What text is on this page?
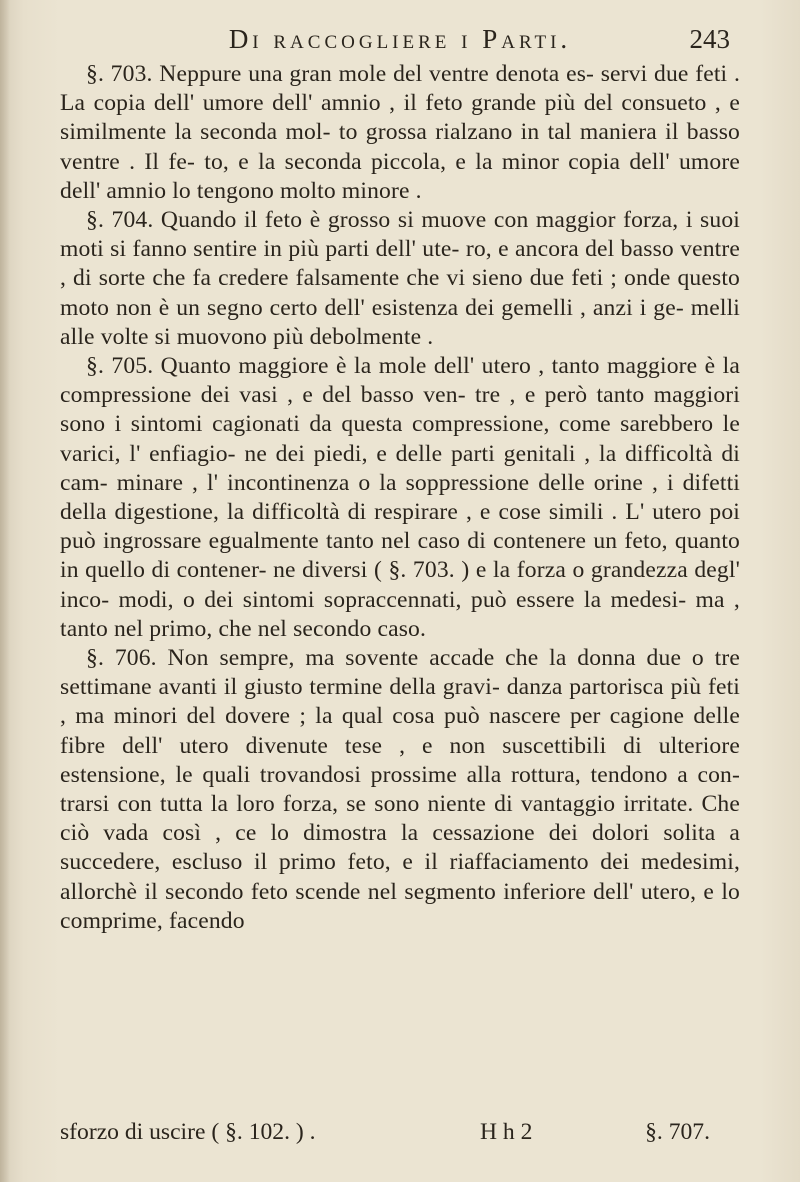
Di raccogliere i Parti.	243

§. 703. Neppure una gran mole del ventre denota es- servi due feti . La copia dell' umore dell' amnio , il feto grande più del consueto , e similmente la seconda mol- to grossa rialzano in tal maniera il basso ventre . Il fe- to, e la seconda piccola, e la minor copia dell' umore dell' amnio lo tengono molto minore .

§. 704. Quando il feto è grosso si muove con maggior forza, i suoi moti si fanno sentire in più parti dell' ute- ro, e ancora del basso ventre , di sorte che fa credere falsamente che vi sieno due feti ; onde questo moto non è un segno certo dell' esistenza dei gemelli , anzi i ge- melli alle volte si muovono più debolmente .

§. 705. Quanto maggiore è la mole dell' utero , tanto maggiore è la compressione dei vasi , e del basso ven- tre , e però tanto maggiori sono i sintomi cagionati da questa compressione, come sarebbero le varici, l' enfiagio- ne dei piedi, e delle parti genitali , la difficoltà di cam- minare , l' incontinenza o la soppressione delle orine , i difetti della digestione, la difficoltà di respirare , e cose simili . L' utero poi può ingrossare egualmente tanto nel caso di contenere un feto, quanto in quello di contener- ne diversi ( §. 703. ) e la forza o grandezza degl' inco- modi, o dei sintomi sopraccennati, può essere la medesi- ma , tanto nel primo, che nel secondo caso.

§. 706. Non sempre, ma sovente accade che la donna due o tre settimane avanti il giusto termine della gravi- danza partorisca più feti , ma minori del dovere ; la qual cosa può nascere per cagione delle fibre dell' utero divenute tese , e non suscettibili di ulteriore estensione, le quali trovandosi prossime alla rottura, tendono a con- trarsi con tutta la loro forza, se sono niente di vantaggio irritate. Che ciò vada così , ce lo dimostra la cessazione dei dolori solita a succedere, escluso il primo feto, e il riaffaciamento dei medesimi, allorchè il secondo feto scende nel segmento inferiore dell' utero, e lo comprime, facendo

sforzo di uscire ( §. 102. ) .	H h 2	§. 707.
